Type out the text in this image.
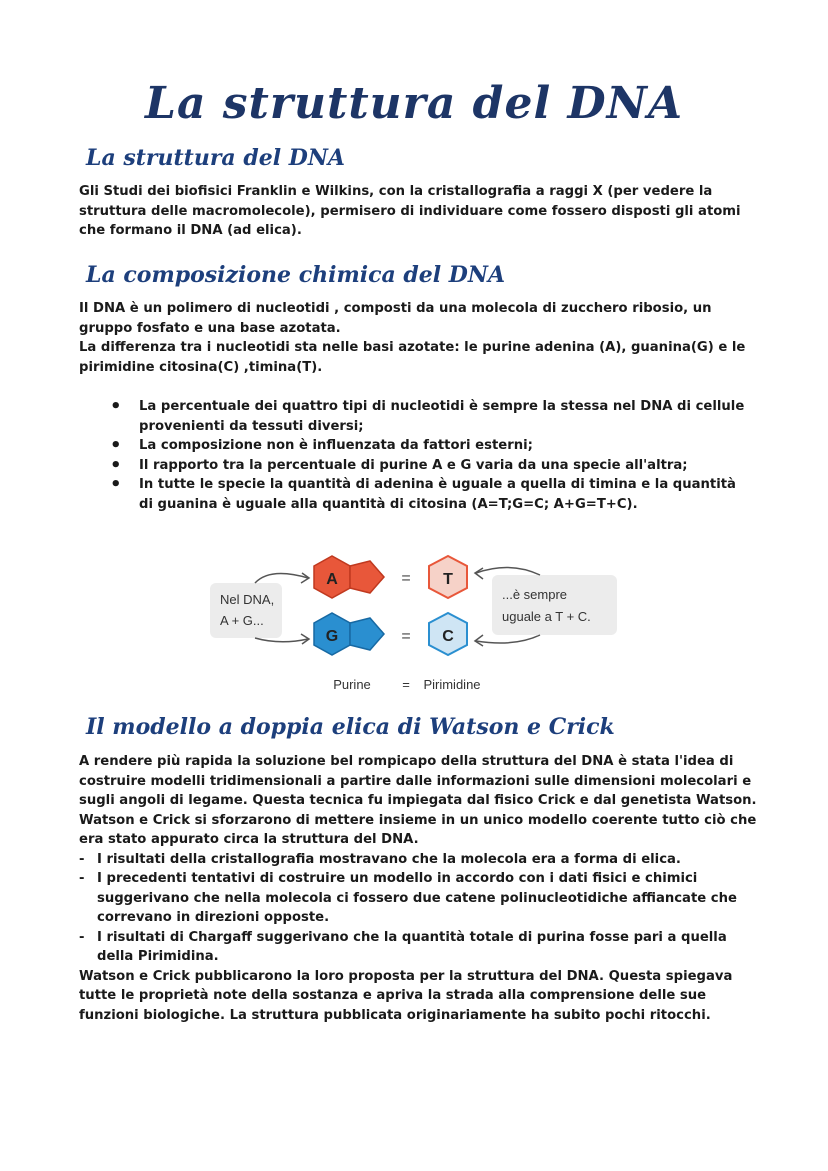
La struttura del DNA
La struttura del DNA

Gli Studi dei biofisici Franklin e Wilkins, con la cristallografia a raggi X (per vedere la struttura delle macromolecole), permisero di individuare come fossero disposti gli atomi che formano il DNA (ad elica).

La composizione chimica del DNA

Il DNA è un polimero di nucleotidi , composti da una molecola di zucchero ribosio, un gruppo fosfato e una base azotata.

La differenza tra i nucleotidi sta nelle basi azotate: le purine adenina (A), guanina(G) e le pirimidine citosina(C) ,timina(T).

• La percentuale dei quattro tipi di nucleotidi è sempre la stessa nel DNA di cellule provenienti da tessuti diversi;
• La composizione non è influenzata da fattori esterni;
• Il rapporto tra la percentuale di purine A e G varia da una specie all'altra;
• In tutte le specie la quantità di adenina è uguale a quella di timina e la quantità di guanina è uguale alla quantità di citosina (A=T;G=C; A+G=T+C).
Nel DNA,
A + G...
...è sempre
uguale a T + C.
A
G
=
=
T
C
Purine = Pirimidine
Il modello a doppia elica di Watson e Crick

A rendere più rapida la soluzione bel rompicapo della struttura del DNA è stata l'idea di costruire modelli tridimensionali a partire dalle informazioni sulle dimensioni molecolari e sugli angoli di legame. Questa tecnica fu impiegata dal fisico Crick e dal genetista Watson.

Watson e Crick si sforzarono di mettere insieme in un unico modello coerente tutto ciò che era stato appurato circa la struttura del DNA.

- I risultati della cristallografia mostravano che la molecola era a forma di elica.
- I precedenti tentativi di costruire un modello in accordo con i dati fisici e chimici suggerivano che nella molecola ci fossero due catene polinucleotidiche affiancate che correvano in direzioni opposte.
- I risultati di Chargaff suggerivano che la quantità totale di purina fosse pari a quella della Pirimidina.

Watson e Crick pubblicarono la loro proposta per la struttura del DNA. Questa spiegava tutte le proprietà note della sostanza e apriva la strada alla comprensione delle sue funzioni biologiche. La struttura pubblicata originariamente ha subito pochi ritocchi.
